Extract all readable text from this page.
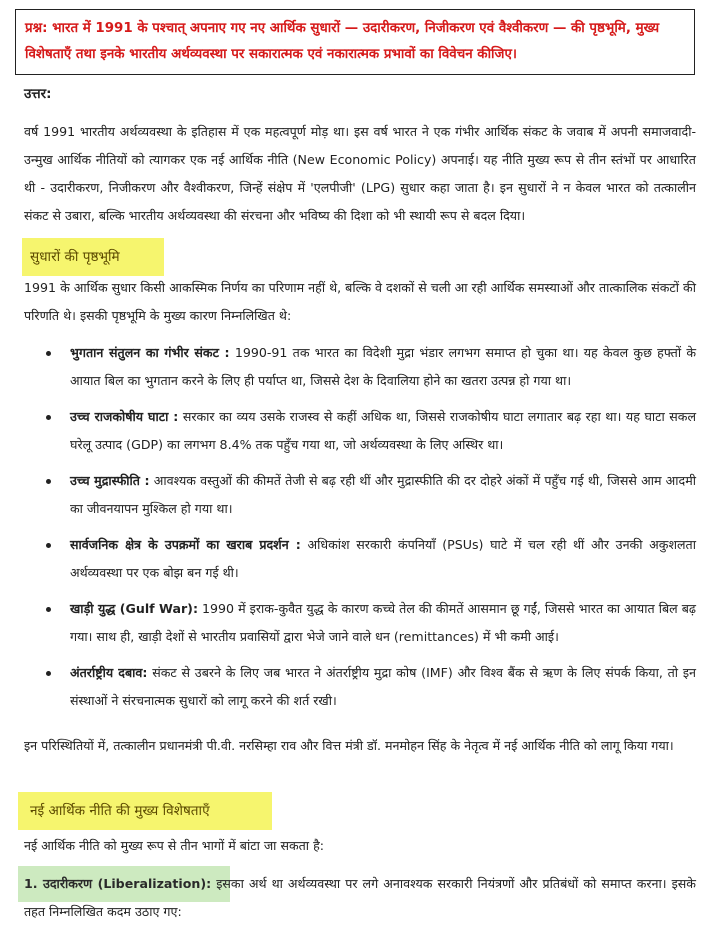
प्रश्न: भारत में 1991 के पश्चात् अपनाए गए नए आर्थिक सुधारों — उदारीकरण, निजीकरण एवं वैश्वीकरण — की पृष्ठभूमि, मुख्य विशेषताएँ तथा इनके भारतीय अर्थव्यवस्था पर सकारात्मक एवं नकारात्मक प्रभावों का विवेचन कीजिए।

उत्तर:

वर्ष 1991 भारतीय अर्थव्यवस्था के इतिहास में एक महत्वपूर्ण मोड़ था। इस वर्ष भारत ने एक गंभीर आर्थिक संकट के जवाब में अपनी समाजवादी-उन्मुख आर्थिक नीतियों को त्यागकर एक नई आर्थिक नीति (New Economic Policy) अपनाई। यह नीति मुख्य रूप से तीन स्तंभों पर आधारित थी - उदारीकरण, निजीकरण और वैश्वीकरण, जिन्हें संक्षेप में 'एलपीजी' (LPG) सुधार कहा जाता है। इन सुधारों ने न केवल भारत को तत्कालीन संकट से उबारा, बल्कि भारतीय अर्थव्यवस्था की संरचना और भविष्य की दिशा को भी स्थायी रूप से बदल दिया।

सुधारों की पृष्ठभूमि

1991 के आर्थिक सुधार किसी आकस्मिक निर्णय का परिणाम नहीं थे, बल्कि वे दशकों से चली आ रही आर्थिक समस्याओं और तात्कालिक संकटों की परिणति थे। इसकी पृष्ठभूमि के मुख्य कारण निम्नलिखित थे:

भुगतान संतुलन का गंभीर संकट : 1990-91 तक भारत का विदेशी मुद्रा भंडार लगभग समाप्त हो चुका था। यह केवल कुछ हफ्तों के आयात बिल का भुगतान करने के लिए ही पर्याप्त था, जिससे देश के दिवालिया होने का खतरा उत्पन्न हो गया था।
उच्च राजकोषीय घाटा : सरकार का व्यय उसके राजस्व से कहीं अधिक था, जिससे राजकोषीय घाटा लगातार बढ़ रहा था। यह घाटा सकल घरेलू उत्पाद (GDP) का लगभग 8.4% तक पहुँच गया था, जो अर्थव्यवस्था के लिए अस्थिर था।
उच्च मुद्रास्फीति : आवश्यक वस्तुओं की कीमतें तेजी से बढ़ रही थीं और मुद्रास्फीति की दर दोहरे अंकों में पहुँच गई थी, जिससे आम आदमी का जीवनयापन मुश्किल हो गया था।
सार्वजनिक क्षेत्र के उपक्रमों का खराब प्रदर्शन : अधिकांश सरकारी कंपनियाँ (PSUs) घाटे में चल रही थीं और उनकी अकुशलता अर्थव्यवस्था पर एक बोझ बन गई थी।
खाड़ी युद्ध (Gulf War): 1990 में इराक-कुवैत युद्ध के कारण कच्चे तेल की कीमतें आसमान छू गईं, जिससे भारत का आयात बिल बढ़ गया। साथ ही, खाड़ी देशों से भारतीय प्रवासियों द्वारा भेजे जाने वाले धन (remittances) में भी कमी आई।
अंतर्राष्ट्रीय दबाव: संकट से उबरने के लिए जब भारत ने अंतर्राष्ट्रीय मुद्रा कोष (IMF) और विश्व बैंक से ऋण के लिए संपर्क किया, तो इन संस्थाओं ने संरचनात्मक सुधारों को लागू करने की शर्त रखी।

इन परिस्थितियों में, तत्कालीन प्रधानमंत्री पी.वी. नरसिम्हा राव और वित्त मंत्री डॉ. मनमोहन सिंह के नेतृत्व में नई आर्थिक नीति को लागू किया गया।

नई आर्थिक नीति की मुख्य विशेषताएँ

नई आर्थिक नीति को मुख्य रूप से तीन भागों में बांटा जा सकता है:

1. उदारीकरण (Liberalization): इसका अर्थ था अर्थव्यवस्था पर लगे अनावश्यक सरकारी नियंत्रणों और प्रतिबंधों को समाप्त करना। इसके तहत निम्नलिखित कदम उठाए गए:
